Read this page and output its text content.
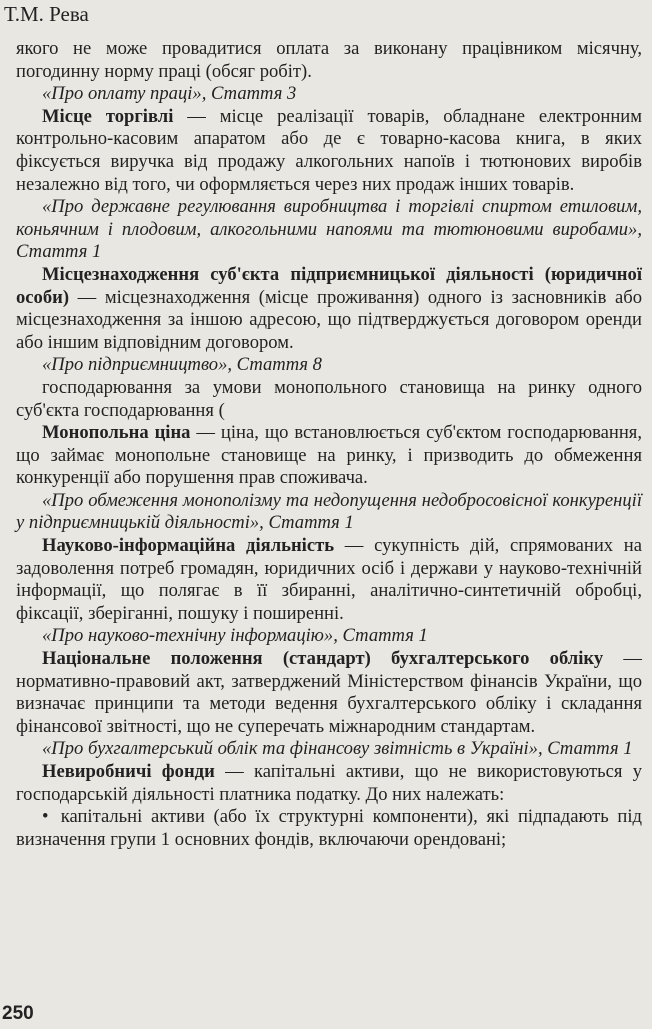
Т.М. Рева

якого не може провадитися оплата за виконану працівником місячну, погодинну норму праці (обсяг робіт).

«Про оплату праці», Стаття 3

Місце торгівлі — місце реалізації товарів, обладнане електронним контрольно-касовим апаратом або де є товарно-касова книга, в яких фіксується виручка від продажу алкогольних напоїв і тютюнових виробів незалежно від того, чи оформляється через них продаж інших товарів.

«Про державне регулювання виробництва і торгівлі спиртом етиловим, коньячним і плодовим, алкогольними напоями та тютюновими виробами», Стаття 1

Місцезнаходження суб'єкта підприємницької діяльності (юридичної особи) — місцезнаходження (місце проживання) одного із засновників або місцезнаходження за іншою адресою, що підтверджується договором оренди або іншим відповідним договором.

«Про підприємництво», Стаття 8

господарювання за умови монопольного становища на ринку одного суб'єкта господарювання (

Монопольна ціна — ціна, що встановлюється суб'єктом господарювання, що займає монопольне становище на ринку, і призводить до обмеження конкуренції або порушення прав споживача.

«Про обмеження монополізму та недопущення недобросовісної конкуренції у підприємницькій діяльності», Стаття 1

Науково-інформаційна діяльність — сукупність дій, спрямованих на задоволення потреб громадян, юридичних осіб і держави у науково-технічній інформації, що полягає в її збиранні, аналітично-синтетичній обробці, фіксації, зберіганні, пошуку і поширенні.

«Про науково-технічну інформацію», Стаття 1

Національне положення (стандарт) бухгалтерського обліку — нормативно-правовий акт, затверджений Міністерством фінансів України, що визначає принципи та методи ведення бухгалтерського обліку і складання фінансової звітності, що не суперечать міжнародним стандартам.

«Про бухгалтерський облік та фінансову звітність в Україні», Стаття 1

Невиробничі фонди — капітальні активи, що не використовуються у господарській діяльності платника податку. До них належать:

• капітальні активи (або їх структурні компоненти), які підпадають під визначення групи 1 основних фондів, включаючи орендовані;

250
